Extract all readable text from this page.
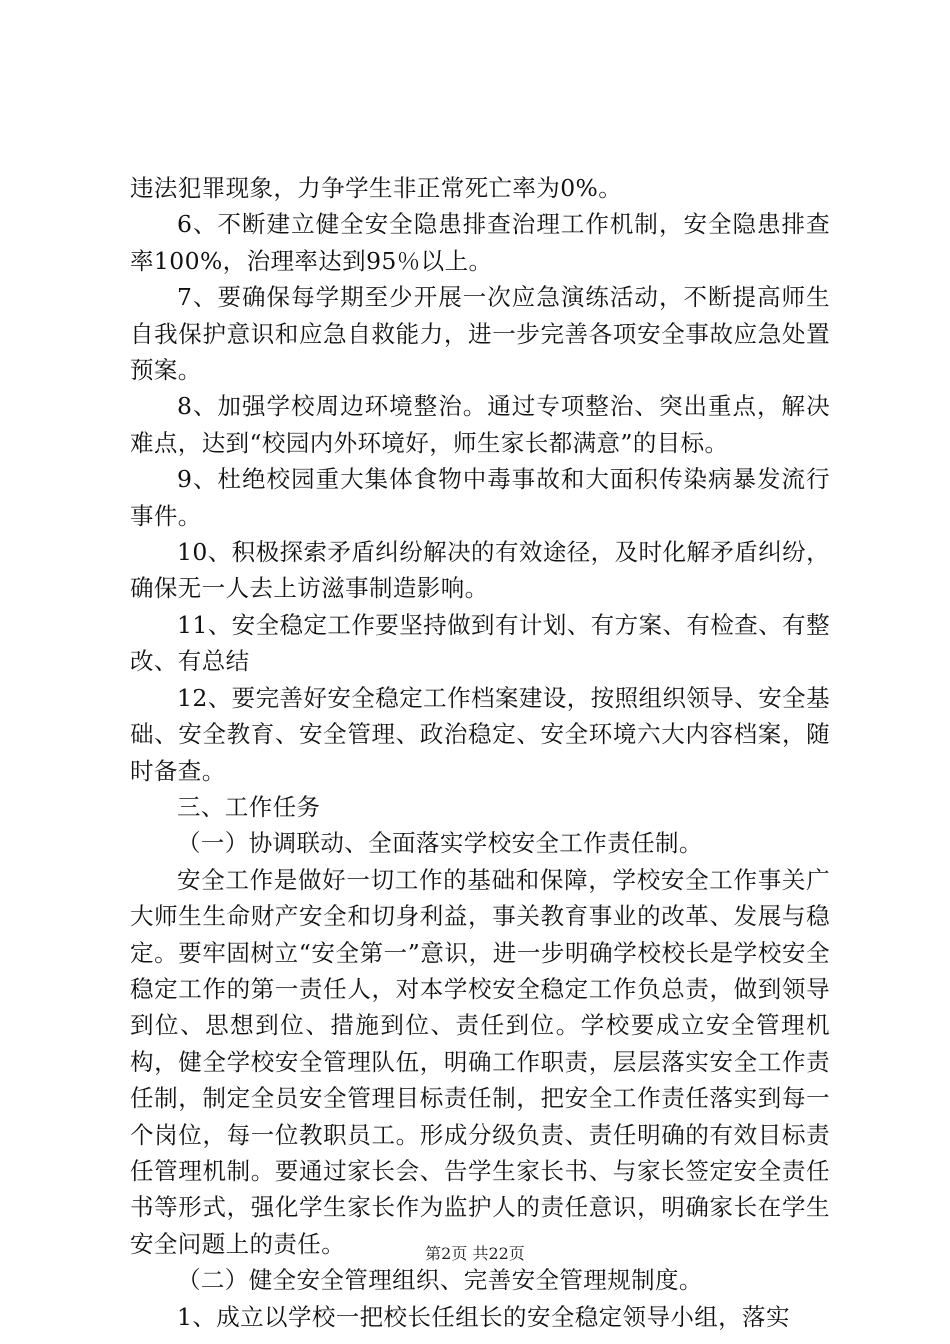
违法犯罪现象，力争学生非正常死亡率为0%。

6、不断建立健全安全隐患排查治理工作机制，安全隐患排查率100%，治理率达到95％以上。

7、要确保每学期至少开展一次应急演练活动，不断提高师生自我保护意识和应急自救能力，进一步完善各项安全事故应急处置预案。

8、加强学校周边环境整治。通过专项整治、突出重点，解决难点，达到“校园内外环境好，师生家长都满意”的目标。

9、杜绝校园重大集体食物中毒事故和大面积传染病暴发流行事件。

10、积极探索矛盾纠纷解决的有效途径，及时化解矛盾纠纷，确保无一人去上访滋事制造影响。

11、安全稳定工作要坚持做到有计划、有方案、有检查、有整改、有总结

12、要完善好安全稳定工作档案建设，按照组织领导、安全基础、安全教育、安全管理、政治稳定、安全环境六大内容档案，随时备查。

三、工作任务

（一）协调联动、全面落实学校安全工作责任制。

安全工作是做好一切工作的基础和保障，学校安全工作事关广大师生生命财产安全和切身利益，事关教育事业的改革、发展与稳定。要牢固树立“安全第一”意识，进一步明确学校校长是学校安全稳定工作的第一责任人，对本学校安全稳定工作负总责，做到领导到位、思想到位、措施到位、责任到位。学校要成立安全管理机构，健全学校安全管理队伍，明确工作职责，层层落实安全工作责任制，制定全员安全管理目标责任制，把安全工作责任落实到每一个岗位，每一位教职员工。形成分级负责、责任明确的有效目标责任管理机制。要通过家长会、告学生家长书、与家长签定安全责任书等形式，强化学生家长作为监护人的责任意识，明确家长在学生安全问题上的责任。

（二）健全安全管理组织、完善安全管理规制度。

1、成立以学校一把校长任组长的安全稳定领导小组，落实

第2页 共22页
